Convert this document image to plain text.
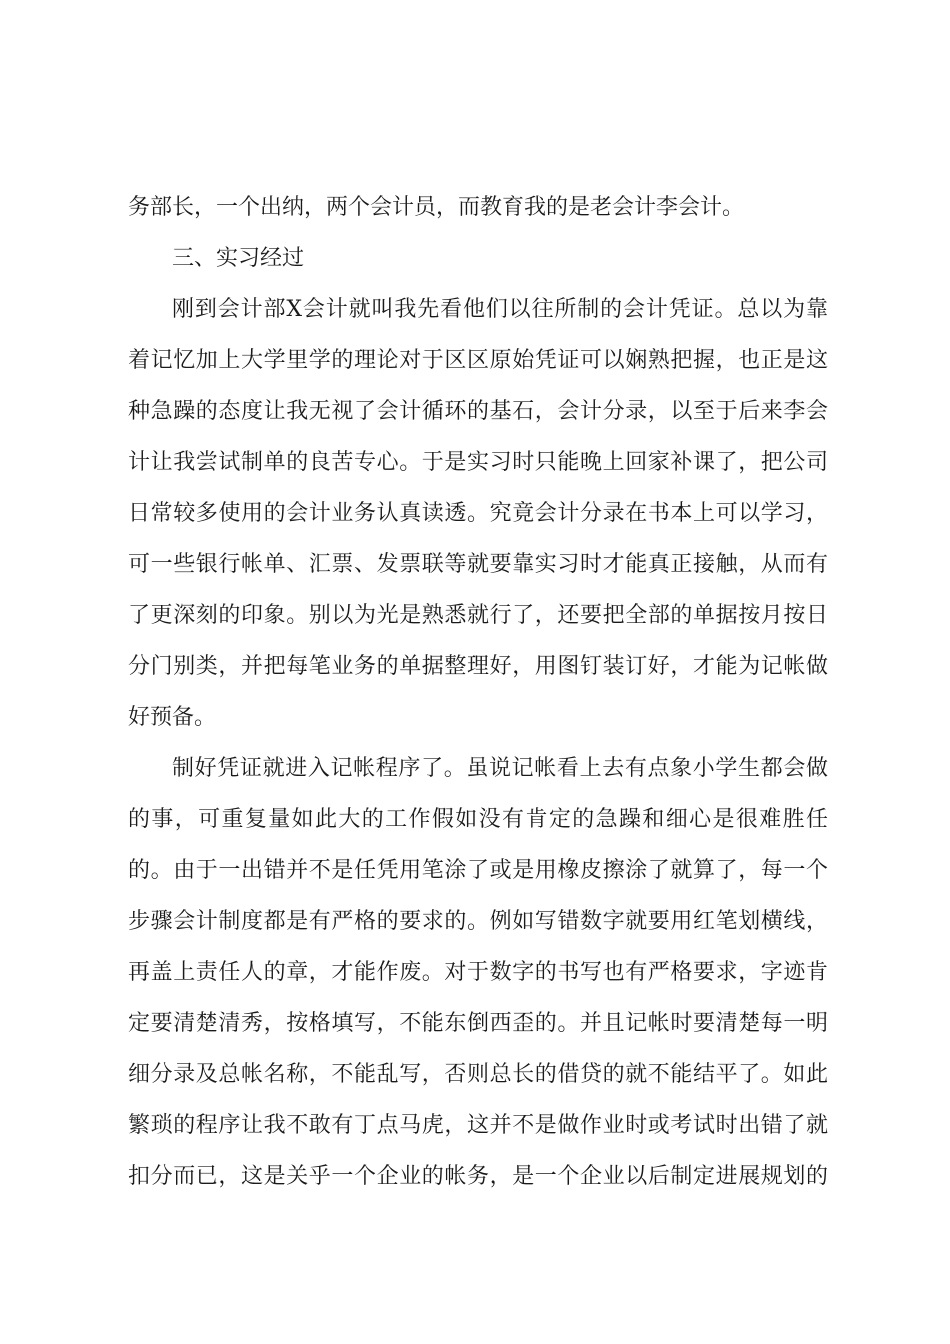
务部长，一个出纳，两个会计员，而教育我的是老会计李会计。
三、实习经过
刚到会计部X会计就叫我先看他们以往所制的会计凭证。总以为靠
着记忆加上大学里学的理论对于区区原始凭证可以娴熟把握，也正是这
种急躁的态度让我无视了会计循环的基石，会计分录，以至于后来李会
计让我尝试制单的良苦专心。于是实习时只能晚上回家补课了，把公司
日常较多使用的会计业务认真读透。究竟会计分录在书本上可以学习，
可一些银行帐单、汇票、发票联等就要靠实习时才能真正接触，从而有
了更深刻的印象。别以为光是熟悉就行了，还要把全部的单据按月按日
分门别类，并把每笔业务的单据整理好，用图钉装订好，才能为记帐做
好预备。
制好凭证就进入记帐程序了。虽说记帐看上去有点象小学生都会做
的事，可重复量如此大的工作假如没有肯定的急躁和细心是很难胜任
的。由于一出错并不是任凭用笔涂了或是用橡皮擦涂了就算了，每一个
步骤会计制度都是有严格的要求的。例如写错数字就要用红笔划横线，
再盖上责任人的章，才能作废。对于数字的书写也有严格要求，字迹肯
定要清楚清秀，按格填写，不能东倒西歪的。并且记帐时要清楚每一明
细分录及总帐名称，不能乱写，否则总长的借贷的就不能结平了。如此
繁琐的程序让我不敢有丁点马虎，这并不是做作业时或考试时出错了就
扣分而已，这是关乎一个企业的帐务，是一个企业以后制定进展规划的
